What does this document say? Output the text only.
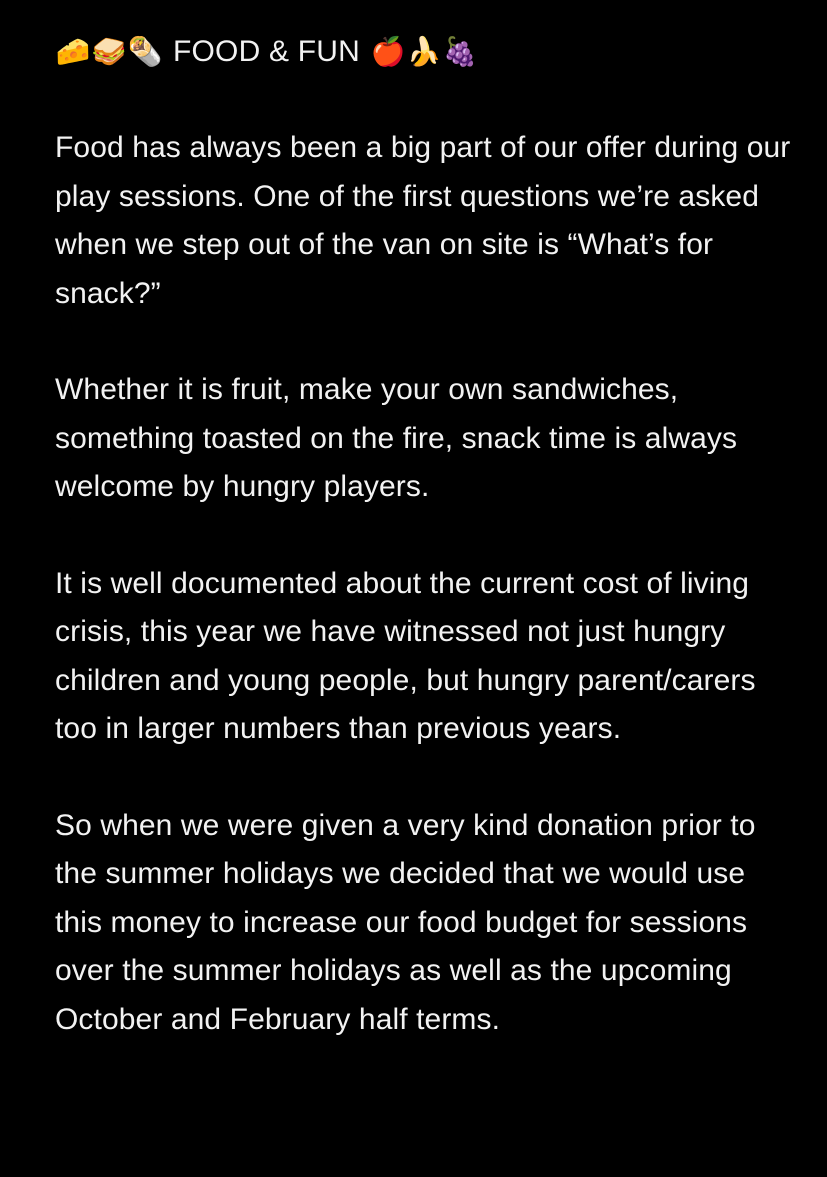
🧀 🥪 🌯 FOOD & FUN 🍎 🍌 🍇

Food has always been a big part of our offer during our play sessions. One of the first questions we’re asked when we step out of the van on site is “What’s for snack?”

Whether it is fruit, make your own sandwiches, something toasted on the fire, snack time is always welcome by hungry players.

It is well documented about the current cost of living crisis, this year we have witnessed not just hungry children and young people, but hungry parent/carers too in larger numbers than previous years.

So when we were given a very kind donation prior to the summer holidays we decided that we would use this money to increase our food budget for sessions over the summer holidays as well as the upcoming October and February half terms.
